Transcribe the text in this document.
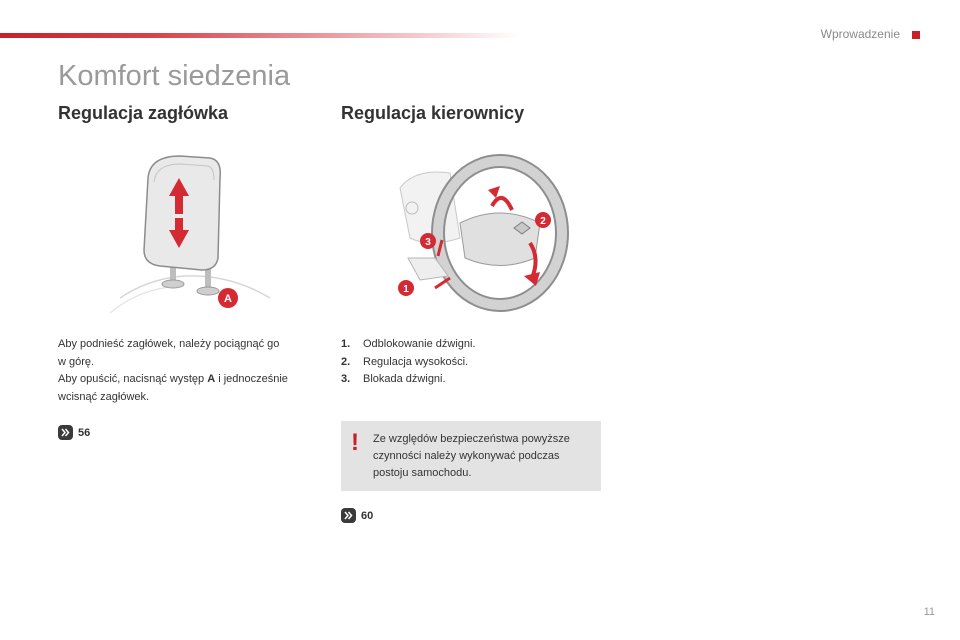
Wprowadzenie
Komfort siedzenia
Regulacja zagłówka	Regulacja kierownicy
A
3
2
1
Aby podnieść zagłówek, należy pociągnąć go
w górę.
Aby opuścić, nacisnąć występ A i jednocześnie
wcisnąć zagłówek.
1.	Odblokowanie dźwigni.
2.	Regulacja wysokości.
3.	Blokada dźwigni.
56	! Ze względów bezpieczeństwa powyższe
czynności należy wykonywać podczas
postoju samochodu.
60
11
